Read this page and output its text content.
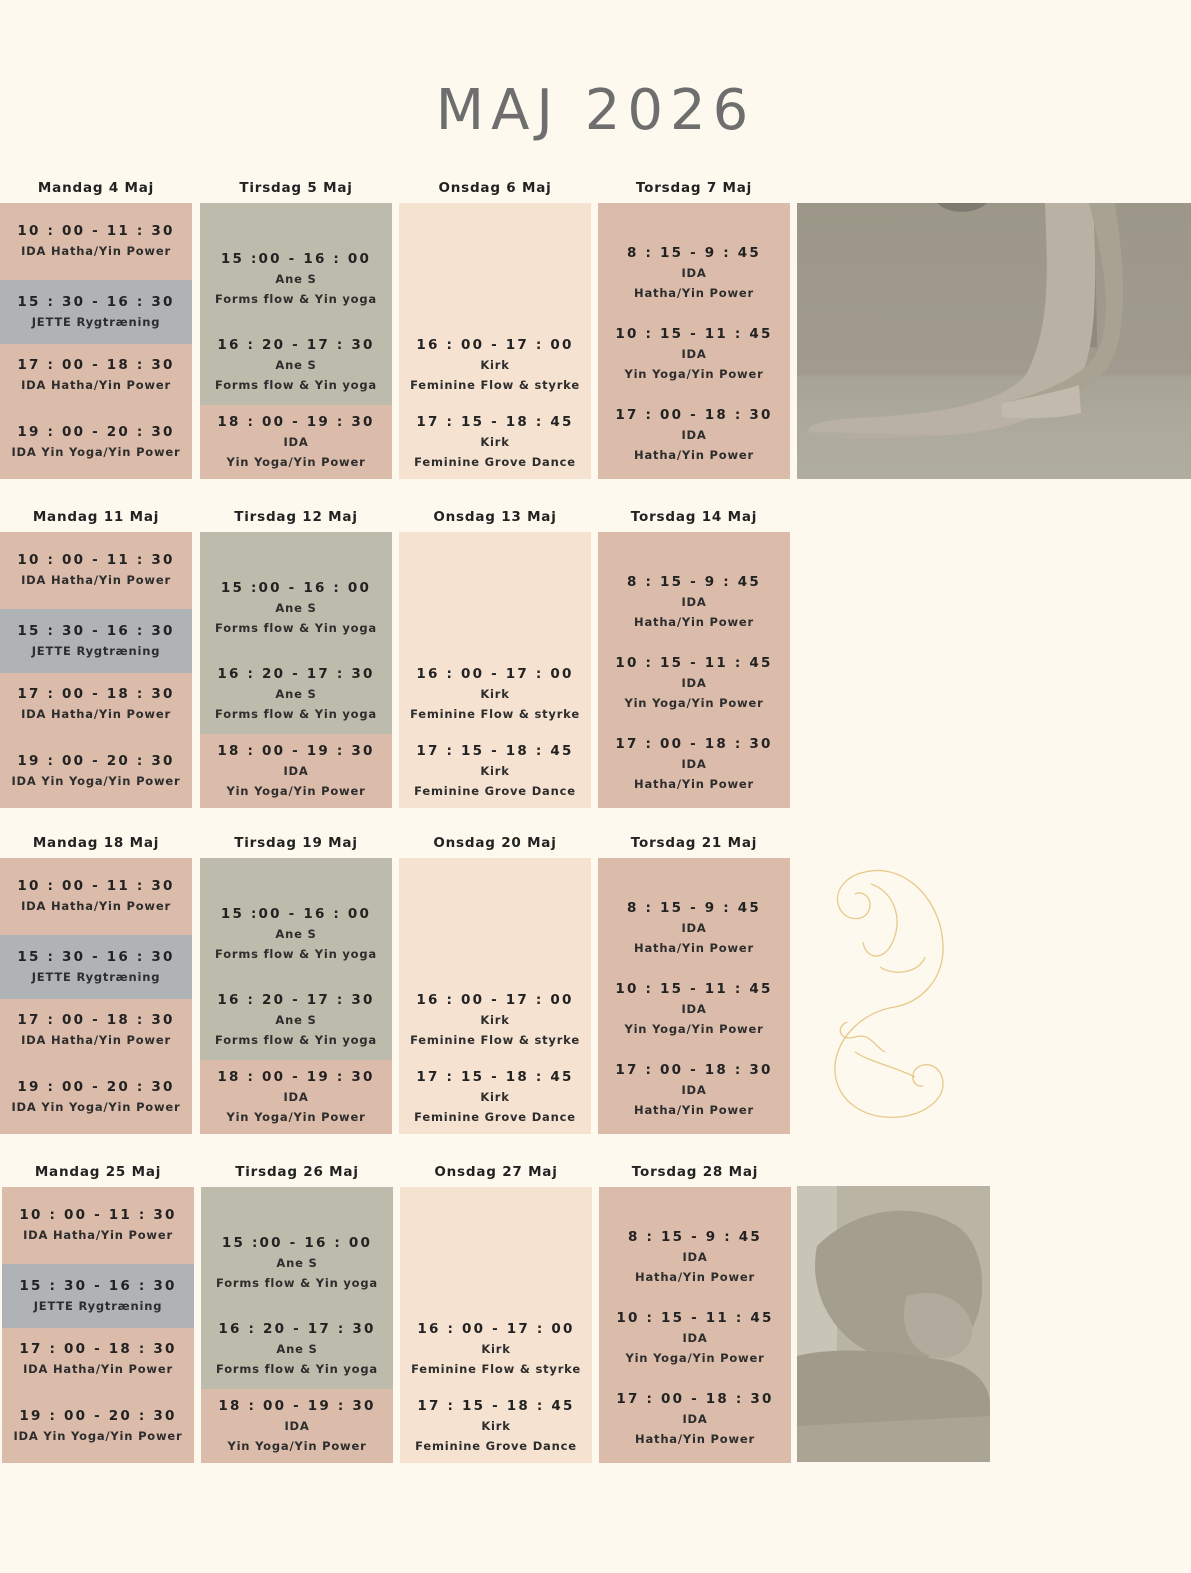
MAJ 2026
Mandag 4 Maj
10 : 00 - 11 : 30
IDA Hatha/Yin Power
15 : 30 - 16 : 30
JETTE Rygtræning
17 : 00 - 18 : 30
IDA Hatha/Yin Power
19 : 00 - 20 : 30
IDA Yin Yoga/Yin Power
Tirsdag 5 Maj
15 :00 - 16 : 00
Ane S
Forms flow & Yin yoga
16 : 20 - 17 : 30
Ane S
Forms flow & Yin yoga
18 : 00 - 19 : 30
IDA
Yin Yoga/Yin Power
Onsdag 6 Maj
16 : 00 - 17 : 00
Kirk
Feminine Flow & styrke
17 : 15 - 18 : 45
Kirk
Feminine Grove Dance
Torsdag 7 Maj
8 : 15 - 9 : 45
IDA
Hatha/Yin Power
10 : 15 - 11 : 45
IDA
Yin Yoga/Yin Power
17 : 00 - 18 : 30
IDA
Hatha/Yin Power
Mandag 11 Maj
10 : 00 - 11 : 30
IDA Hatha/Yin Power
15 : 30 - 16 : 30
JETTE Rygtræning
17 : 00 - 18 : 30
IDA Hatha/Yin Power
19 : 00 - 20 : 30
IDA Yin Yoga/Yin Power
Tirsdag 12 Maj
15 :00 - 16 : 00
Ane S
Forms flow & Yin yoga
16 : 20 - 17 : 30
Ane S
Forms flow & Yin yoga
18 : 00 - 19 : 30
IDA
Yin Yoga/Yin Power
Onsdag 13 Maj
16 : 00 - 17 : 00
Kirk
Feminine Flow & styrke
17 : 15 - 18 : 45
Kirk
Feminine Grove Dance
Torsdag 14 Maj
8 : 15 - 9 : 45
IDA
Hatha/Yin Power
10 : 15 - 11 : 45
IDA
Yin Yoga/Yin Power
17 : 00 - 18 : 30
IDA
Hatha/Yin Power
Mandag 18 Maj
10 : 00 - 11 : 30
IDA Hatha/Yin Power
15 : 30 - 16 : 30
JETTE Rygtræning
17 : 00 - 18 : 30
IDA Hatha/Yin Power
19 : 00 - 20 : 30
IDA Yin Yoga/Yin Power
Tirsdag 19 Maj
15 :00 - 16 : 00
Ane S
Forms flow & Yin yoga
16 : 20 - 17 : 30
Ane S
Forms flow & Yin yoga
18 : 00 - 19 : 30
IDA
Yin Yoga/Yin Power
Onsdag 20 Maj
16 : 00 - 17 : 00
Kirk
Feminine Flow & styrke
17 : 15 - 18 : 45
Kirk
Feminine Grove Dance
Torsdag 21 Maj
8 : 15 - 9 : 45
IDA
Hatha/Yin Power
10 : 15 - 11 : 45
IDA
Yin Yoga/Yin Power
17 : 00 - 18 : 30
IDA
Hatha/Yin Power
Mandag 25 Maj
10 : 00 - 11 : 30
IDA Hatha/Yin Power
15 : 30 - 16 : 30
JETTE Rygtræning
17 : 00 - 18 : 30
IDA Hatha/Yin Power
19 : 00 - 20 : 30
IDA Yin Yoga/Yin Power
Tirsdag 26 Maj
15 :00 - 16 : 00
Ane S
Forms flow & Yin yoga
16 : 20 - 17 : 30
Ane S
Forms flow & Yin yoga
18 : 00 - 19 : 30
IDA
Yin Yoga/Yin Power
Onsdag 27 Maj
16 : 00 - 17 : 00
Kirk
Feminine Flow & styrke
17 : 15 - 18 : 45
Kirk
Feminine Grove Dance
Torsdag 28 Maj
8 : 15 - 9 : 45
IDA
Hatha/Yin Power
10 : 15 - 11 : 45
IDA
Yin Yoga/Yin Power
17 : 00 - 18 : 30
IDA
Hatha/Yin Power
